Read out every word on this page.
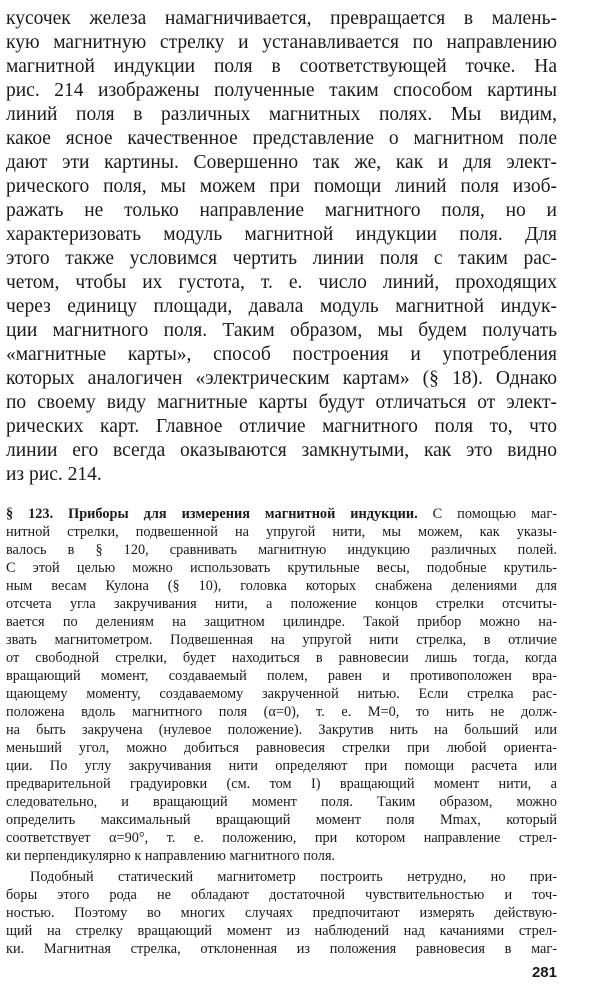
кусочек железа намагничивается, превращается в малень-
кую магнитную стрелку и устанавливается по направлению
магнитной индукции поля в соответствующей точке. На
рис. 214 изображены полученные таким способом картины
линий поля в различных магнитных полях. Мы видим,
какое ясное качественное представление о магнитном поле
дают эти картины. Совершенно так же, как и для элект-
рического поля, мы можем при помощи линий поля изоб-
ражать не только направление магнитного поля, но и
характеризовать модуль магнитной индукции поля. Для
этого также условимся чертить линии поля с таким рас-
четом, чтобы их густота, т. е. число линий, проходящих
через единицу площади, давала модуль магнитной индук-
ции магнитного поля. Таким образом, мы будем получать
«магнитные карты», способ построения и употребления
которых аналогичен «электрическим картам» (§ 18). Однако
по своему виду магнитные карты будут отличаться от элект-
рических карт. Главное отличие магнитного поля то, что
линии его всегда оказываются замкнутыми, как это видно
из рис. 214.
§ 123. Приборы для измерения магнитной индукции. С помощью маг-
нитной стрелки, подвешенной на упругой нити, мы можем, как указы-
валось в § 120, сравнивать магнитную индукцию различных полей.
С этой целью можно использовать крутильные весы, подобные крутиль-
ным весам Кулона (§ 10), головка которых снабжена делениями для
отсчета угла закручивания нити, а положение концов стрелки отсчиты-
вается по делениям на защитном цилиндре. Такой прибор можно на-
звать магнитометром. Подвешенная на упругой нити стрелка, в отличие
от свободной стрелки, будет находиться в равновесии лишь тогда, когда
вращающий момент, создаваемый полем, равен и противоположен вра-
щающему моменту, создаваемому закрученной нитью. Если стрелка рас-
положена вдоль магнитного поля (α=0), т. е. M=0, то нить не долж-
на быть закручена (нулевое положение). Закрутив нить на больший или
меньший угол, можно добиться равновесия стрелки при любой ориента-
ции. По углу закручивания нити определяют при помощи расчета или
предварительной градуировки (см. том I) вращающий момент нити, а
следовательно, и вращающий момент поля. Таким образом, можно
определить максимальный вращающий момент поля Mmax, который
соответствует α=90°, т. е. положению, при котором направление стрел-
ки перпендикулярно к направлению магнитного поля.
Подобный статический магнитометр построить нетрудно, но при-
боры этого рода не обладают достаточной чувствительностью и точ-
ностью. Поэтому во многих случаях предпочитают измерять действую-
щий на стрелку вращающий момент из наблюдений над качаниями стрел-
ки. Магнитная стрелка, отклоненная из положения равновесия в маг-
281
